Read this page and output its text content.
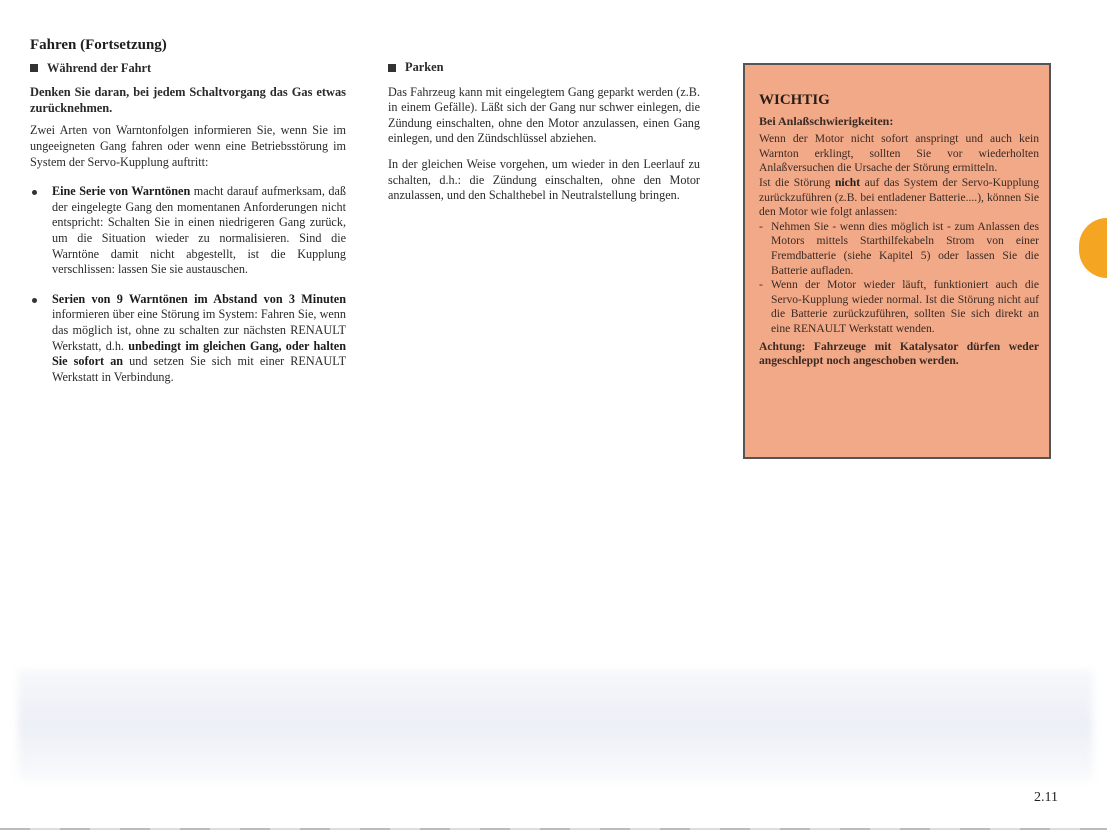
Fahren (Fortsetzung)
Während der Fahrt

Denken Sie daran, bei jedem Schaltvorgang das Gas etwas zurücknehmen.

Zwei Arten von Warntonfolgen informieren Sie, wenn Sie im ungeeigneten Gang fahren oder wenn eine Betriebsstörung im System der Servo-Kupplung auftritt:

Eine Serie von Warntönen macht darauf aufmerksam, daß der eingelegte Gang den momentanen Anforderungen nicht entspricht: Schalten Sie in einen niedrigeren Gang zurück, um die Situation wieder zu normalisieren. Sind die Warntöne damit nicht abgestellt, ist die Kupplung verschlissen: lassen Sie sie austauschen.

Serien von 9 Warntönen im Abstand von 3 Minuten informieren über eine Störung im System: Fahren Sie, wenn das möglich ist, ohne zu schalten zur nächsten RENAULT Werkstatt, d.h. unbedingt im gleichen Gang, oder halten Sie sofort an und setzen Sie sich mit einer RENAULT Werkstatt in Verbindung.

Parken

Das Fahrzeug kann mit eingelegtem Gang geparkt werden (z.B. in einem Gefälle). Läßt sich der Gang nur schwer einlegen, die Zündung einschalten, ohne den Motor anzulassen, einen Gang einlegen, und den Zündschlüssel abziehen.

In der gleichen Weise vorgehen, um wieder in den Leerlauf zu schalten, d.h.: die Zündung einschalten, ohne den Motor anzulassen, und den Schalthebel in Neutralstellung bringen.

WICHTIG

Bei Anlaßschwierigkeiten:

Wenn der Motor nicht sofort anspringt und auch kein Warnton erklingt, sollten Sie vor wiederholten Anlaßversuchen die Ursache der Störung ermitteln.

Ist die Störung nicht auf das System der Servo-Kupplung zurückzuführen (z.B. bei entladener Batterie....), können Sie den Motor wie folgt anlassen:

- Nehmen Sie - wenn dies möglich ist - zum Anlassen des Motors mittels Starthilfekabeln Strom von einer Fremdbatterie (siehe Kapitel 5) oder lassen Sie die Batterie aufladen.

- Wenn der Motor wieder läuft, funktioniert auch die Servo-Kupplung wieder normal. Ist die Störung nicht auf die Batterie zurückzuführen, sollten Sie sich direkt an eine RENAULT Werkstatt wenden.

Achtung: Fahrzeuge mit Katalysator dürfen weder angeschleppt noch angeschoben werden.

2.11
